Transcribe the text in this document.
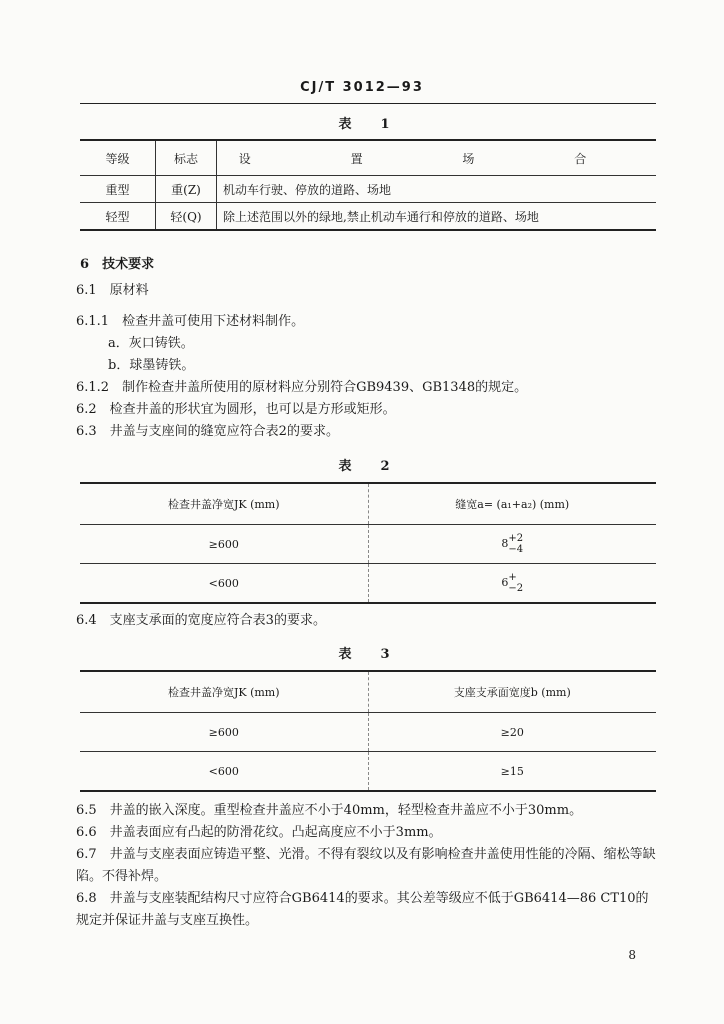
CJ/T 3012—93
表　1
等级	标志	设 置 场 合
重型	重(Z)	机动车行驶、停放的道路、场地
轻型	轻(Q)	除上述范围以外的绿地,禁止机动车通行和停放的道路、场地
6　 技术要求
6.1　原材料
6.1.1　检查井盖可使用下述材料制作。
a．灰口铸铁。
b．球墨铸铁。
6.1.2　制作检查井盖所使用的原材料应分别符合GB9439、GB1348的规定。
6.2　检查井盖的形状宜为圆形，也可以是方形或矩形。
6.3　井盖与支座间的缝宽应符合表2的要求。
表　2
检查井盖净宽JK (mm)	缝宽a= (a₁+a₂) (mm)
≥600	8+2
−4
<600	6+
−2
6.4　支座支承面的宽度应符合表3的要求。
表　3
检查井盖净宽JK (mm)	支座支承面宽度b (mm)
≥600	≥20
<600	≥15
6.5　井盖的嵌入深度。重型检查井盖应不小于40mm，轻型检查井盖应不小于30mm。
6.6　井盖表面应有凸起的防滑花纹。凸起高度应不小于3mm。
6.7　井盖与支座表面应铸造平整、光滑。不得有裂纹以及有影响检查井盖使用性能的冷隔、缩松等缺陷。不得补焊。
6.8　井盖与支座装配结构尺寸应符合GB6414的要求。其公差等级应不低于GB6414—86 CT10的规定并保证井盖与支座互换性。
8
